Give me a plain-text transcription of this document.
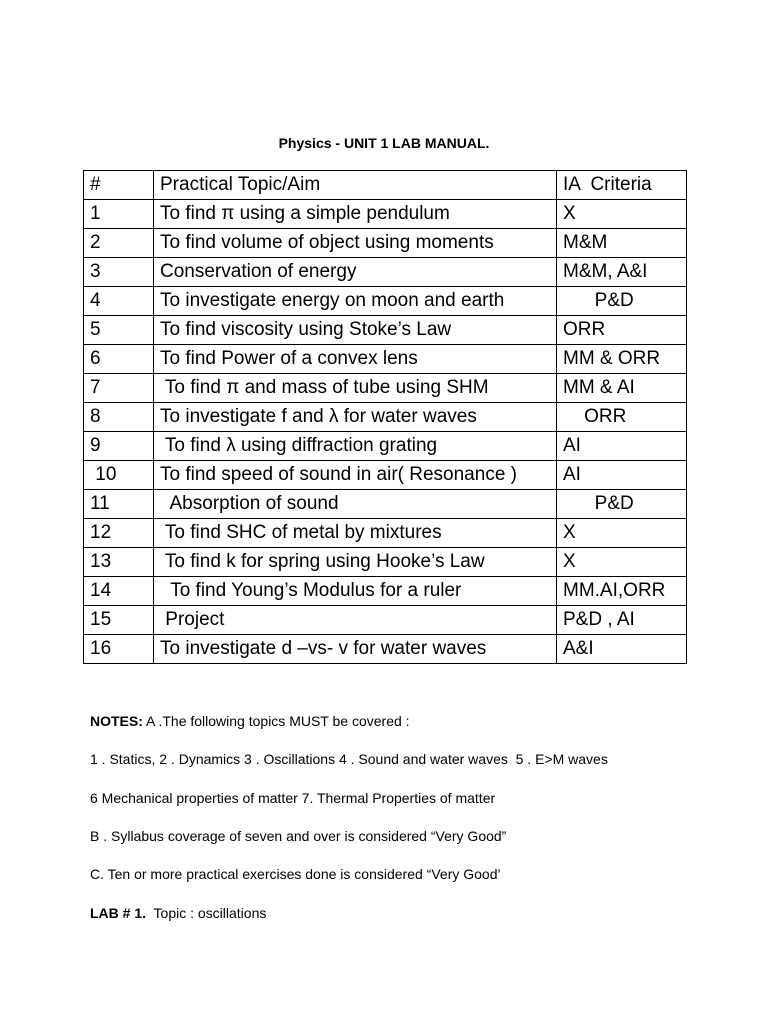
Physics - UNIT 1 LAB MANUAL.
#	Practical Topic/Aim	IA  Criteria
1	To find π using a simple pendulum	X
2	To find volume of object using moments	M&M
3	Conservation of energy	M&M, A&I
4	To investigate energy on moon and earth	P&D
5	To find viscosity using Stoke’s Law	ORR
6	To find Power of a convex lens	MM & ORR
7	To find π and mass of tube using SHM	MM & AI
8	To investigate f and λ for water waves	ORR
9	To find λ using diffraction grating	AI
10	To find speed of sound in air( Resonance )	AI
11	Absorption of sound	P&D
12	To find SHC of metal by mixtures	X
13	To find k for spring using Hooke’s Law	X
14	To find Young’s Modulus for a ruler	MM.AI,ORR
15	Project	P&D , AI
16	To investigate d –vs- v for water waves	A&I
NOTES: A .The following topics MUST be covered :
1 . Statics, 2 . Dynamics 3 . Oscillations 4 . Sound and water waves  5 . E>M waves
6 Mechanical properties of matter 7. Thermal Properties of matter
B . Syllabus coverage of seven and over is considered “Very Good”
C. Ten or more practical exercises done is considered “Very Good’
LAB # 1.  Topic : oscillations
